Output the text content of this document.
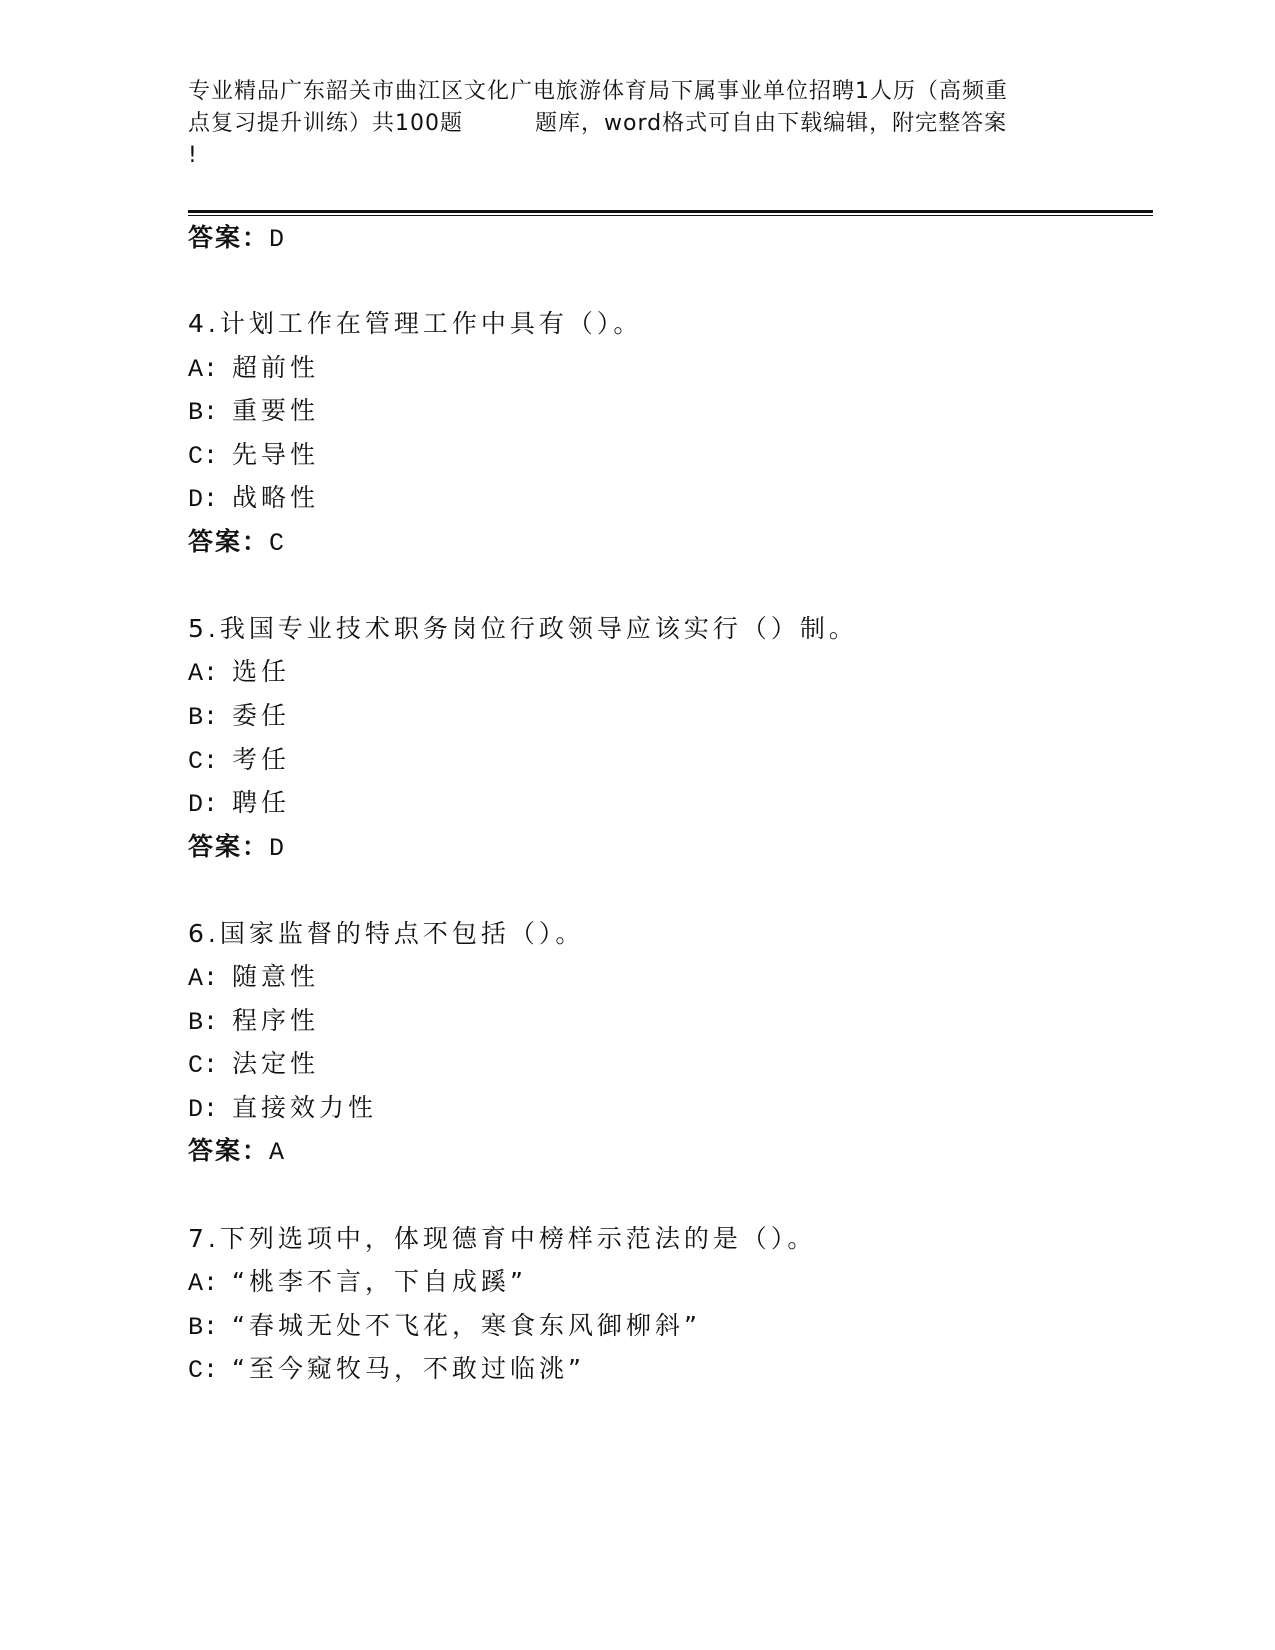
专业精品广东韶关市曲江区文化广电旅游体育局下属事业单位招聘1人历（高频重
点复习提升训练）共100题	题库，word格式可自由下载编辑，附完整答案
!
答案：D
4.计划工作在管理工作中具有（）。
A: 超前性
B: 重要性
C: 先导性
D: 战略性
答案：C
5.我国专业技术职务岗位行政领导应该实行（）制。
A: 选任
B: 委任
C: 考任
D: 聘任
答案：D
6.国家监督的特点不包括（）。
A: 随意性
B: 程序性
C: 法定性
D: 直接效力性
答案：A
7.下列选项中，体现德育中榜样示范法的是（）。
A: “桃李不言，下自成蹊”
B: “春城无处不飞花，寒食东风御柳斜”
C: “至今窥牧马，不敢过临洮”
